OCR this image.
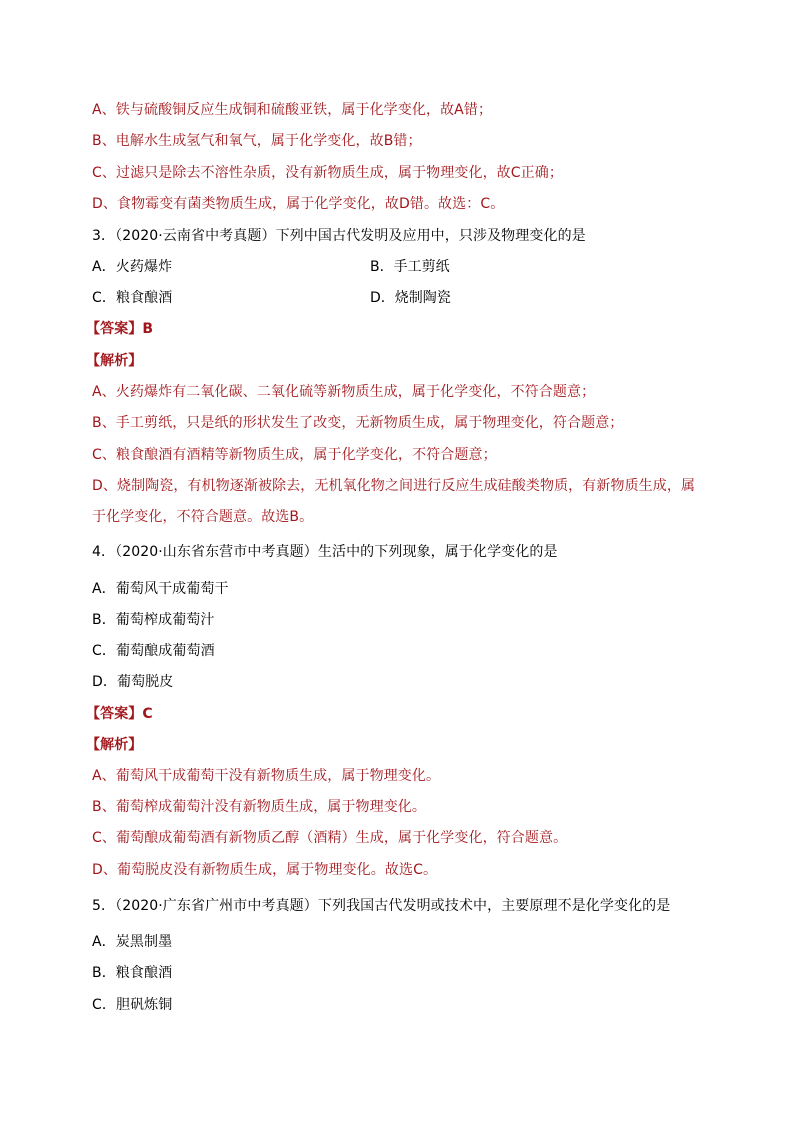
A、铁与硫酸铜反应生成铜和硫酸亚铁，属于化学变化，故A错；
B、电解水生成氢气和氧气，属于化学变化，故B错；
C、过滤只是除去不溶性杂质，没有新物质生成，属于物理变化，故C正确；
D、食物霉变有菌类物质生成，属于化学变化，故D错。故选：C。
3．（2020·云南省中考真题）下列中国古代发明及应用中，只涉及物理变化的是
A．火药爆炸	B．手工剪纸
C．粮食酿酒	D．烧制陶瓷
【答案】B
【解析】
A、火药爆炸有二氧化碳、二氧化硫等新物质生成，属于化学变化，不符合题意；
B、手工剪纸，只是纸的形状发生了改变，无新物质生成，属于物理变化，符合题意；
C、粮食酿酒有酒精等新物质生成，属于化学变化，不符合题意；
D、烧制陶瓷，有机物逐渐被除去，无机氧化物之间进行反应生成硅酸类物质，有新物质生成，属
于化学变化，不符合题意。故选B。
4．（2020·山东省东营市中考真题）生活中的下列现象，属于化学变化的是
A．葡萄风干成葡萄干
B．葡萄榨成葡萄汁
C．葡萄酿成葡萄酒
D．葡萄脱皮
【答案】C
【解析】
A、葡萄风干成葡萄干没有新物质生成，属于物理变化。
B、葡萄榨成葡萄汁没有新物质生成，属于物理变化。
C、葡萄酿成葡萄酒有新物质乙醇（酒精）生成，属于化学变化，符合题意。
D、葡萄脱皮没有新物质生成，属于物理变化。故选C。
5．（2020·广东省广州市中考真题）下列我国古代发明或技术中，主要原理不是化学变化的是
A．炭黑制墨
B．粮食酿酒
C．胆矾炼铜
